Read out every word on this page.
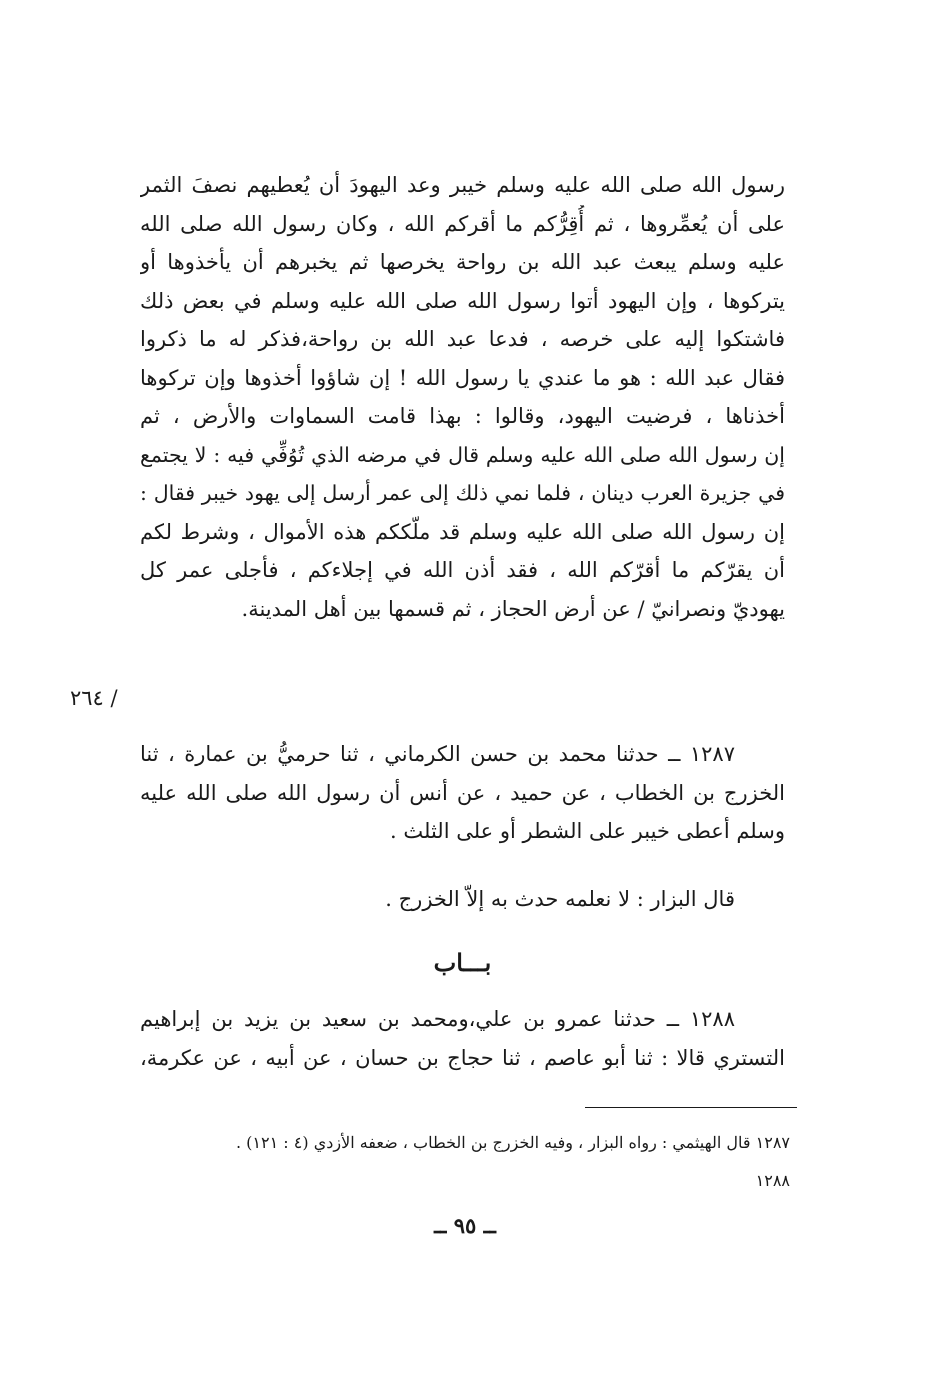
رسول الله صلى الله عليه وسلم خيبر وعد اليهودَ أن يُعطيهم نصفَ الثمر
على أن يُعمِّروها ، ثم أُقِرُّكم ما أقركم الله ، وكان رسول الله صلى الله
عليه وسلم يبعث عبد الله بن رواحة يخرصها ثم يخبرهم أن يأخذوها أو
يتركوها ، وإن اليهود أتوا رسول الله صلى الله عليه وسلم في بعض ذلك
فاشتكوا إليه على خرصه ، فدعا عبد الله بن رواحة،فذكر له ما ذكروا
فقال عبد الله : هو ما عندي يا رسول الله ! إن شاؤوا أخذوها وإن تركوها
أخذناها ، فرضيت اليهود، وقالوا : بهذا قامت السماوات والأرض ، ثم
إن رسول الله صلى الله عليه وسلم قال في مرضه الذي تُوُفِّي فيه : لا يجتمع
في جزيرة العرب دينان ، فلما نمي ذلك إلى عمر أرسل إلى يهود خيبر فقال :
إن رسول الله صلى الله عليه وسلم قد ملّككم هذه الأموال ، وشرط لكم
أن يقرّكم ما أقرّكم الله ، فقد أذن الله في إجلاءكم ، فأجلى عمر كل
يهوديّ ونصرانيّ / عن أرض الحجاز ، ثم قسمها بين أهل المدينة.
/ ٢٦٤
١٢٨٧ ــ حدثنا محمد بن حسن الكرماني ، ثنا حرميُّ بن عمارة ، ثنا
الخزرج بن الخطاب ، عن حميد ، عن أنس أن رسول الله صلى الله عليه
وسلم أعطى خيبر على الشطر أو على الثلث .
قال البزار : لا نعلمه حدث به إلاّ الخزرج .
بـــاب
١٢٨٨ ــ حدثنا عمرو بن علي،ومحمد بن سعيد بن يزيد بن إبراهيم
التستري قالا : ثنا أبو عاصم ، ثنا حجاج بن حسان ، عن أبيه ، عن عكرمة،
١٢٨٧ قال الهيثمي : رواه البزار ، وفيه الخزرج بن الخطاب ، ضعفه الأزدي (٤ : ١٢١) .
١٢٨٨
ــ ٩٥ ــ
